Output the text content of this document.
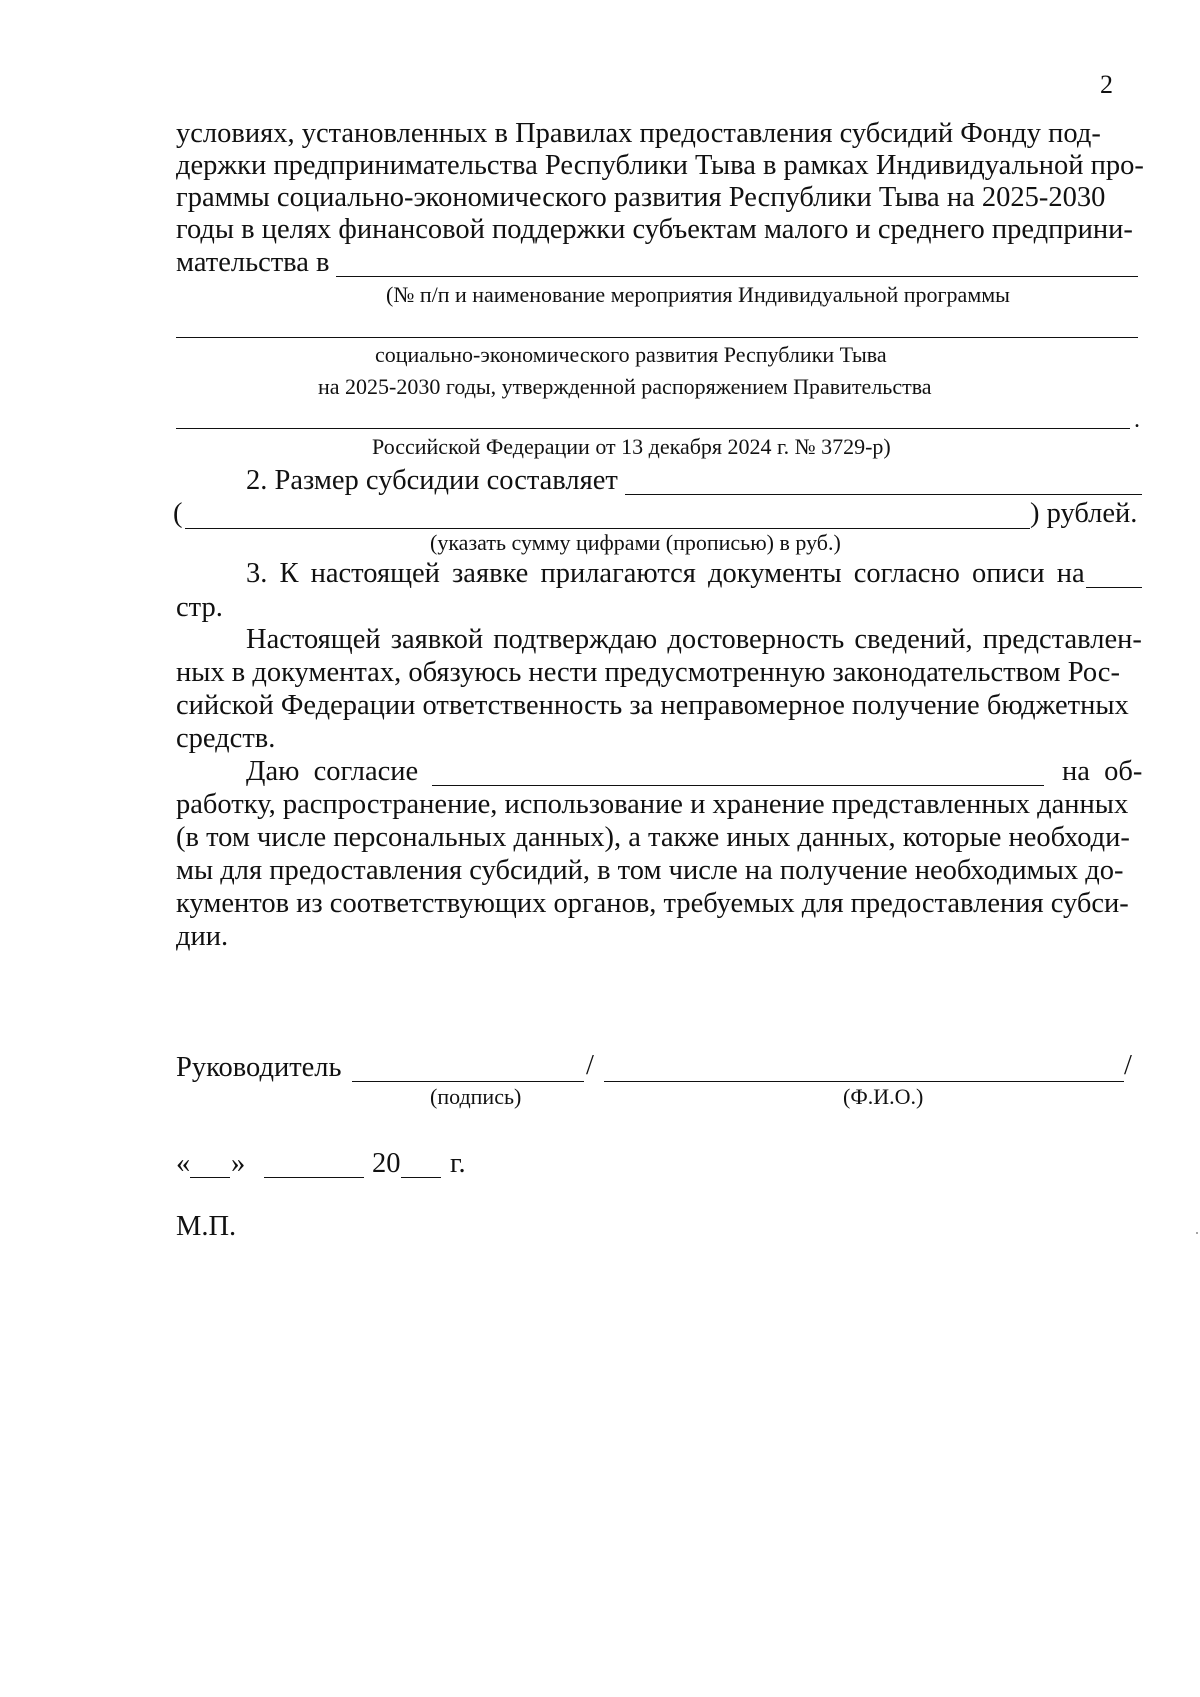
2
условиях, установленных в Правилах предоставления субсидий Фонду под-
держки предпринимательства Республики Тыва в рамках Индивидуальной про-
граммы социально-экономического развития Республики Тыва на 2025-2030
годы в целях финансовой поддержки субъектам малого и среднего предприни-
мательства в
(№ п/п и наименование мероприятия Индивидуальной программы
социально-экономического развития Республики Тыва
на 2025-2030 годы, утвержденной распоряжением Правительства
.
Российской Федерации от 13 декабря 2024 г. № 3729-р)
2. Размер субсидии составляет
(	) рублей.
(указать сумму цифрами (прописью) в руб.)
3. К настоящей заявке прилагаются документы согласно описи на
стр.
Настоящей заявкой подтверждаю достоверность сведений, представлен-
ных в документах, обязуюсь нести предусмотренную законодательством Рос-
сийской Федерации ответственность за неправомерное получение бюджетных
средств.
Даю  согласие	на  об-
работку, распространение, использование и хранение представленных данных
(в том числе персональных данных), а также иных данных, которые необходи-
мы для предоставления субсидий, в том числе на получение необходимых до-
кументов из соответствующих органов, требуемых для предоставления субси-
дии.
Руководитель	/	/
(подпись)	(Ф.И.О.)
« »	20 г.
М.П.
